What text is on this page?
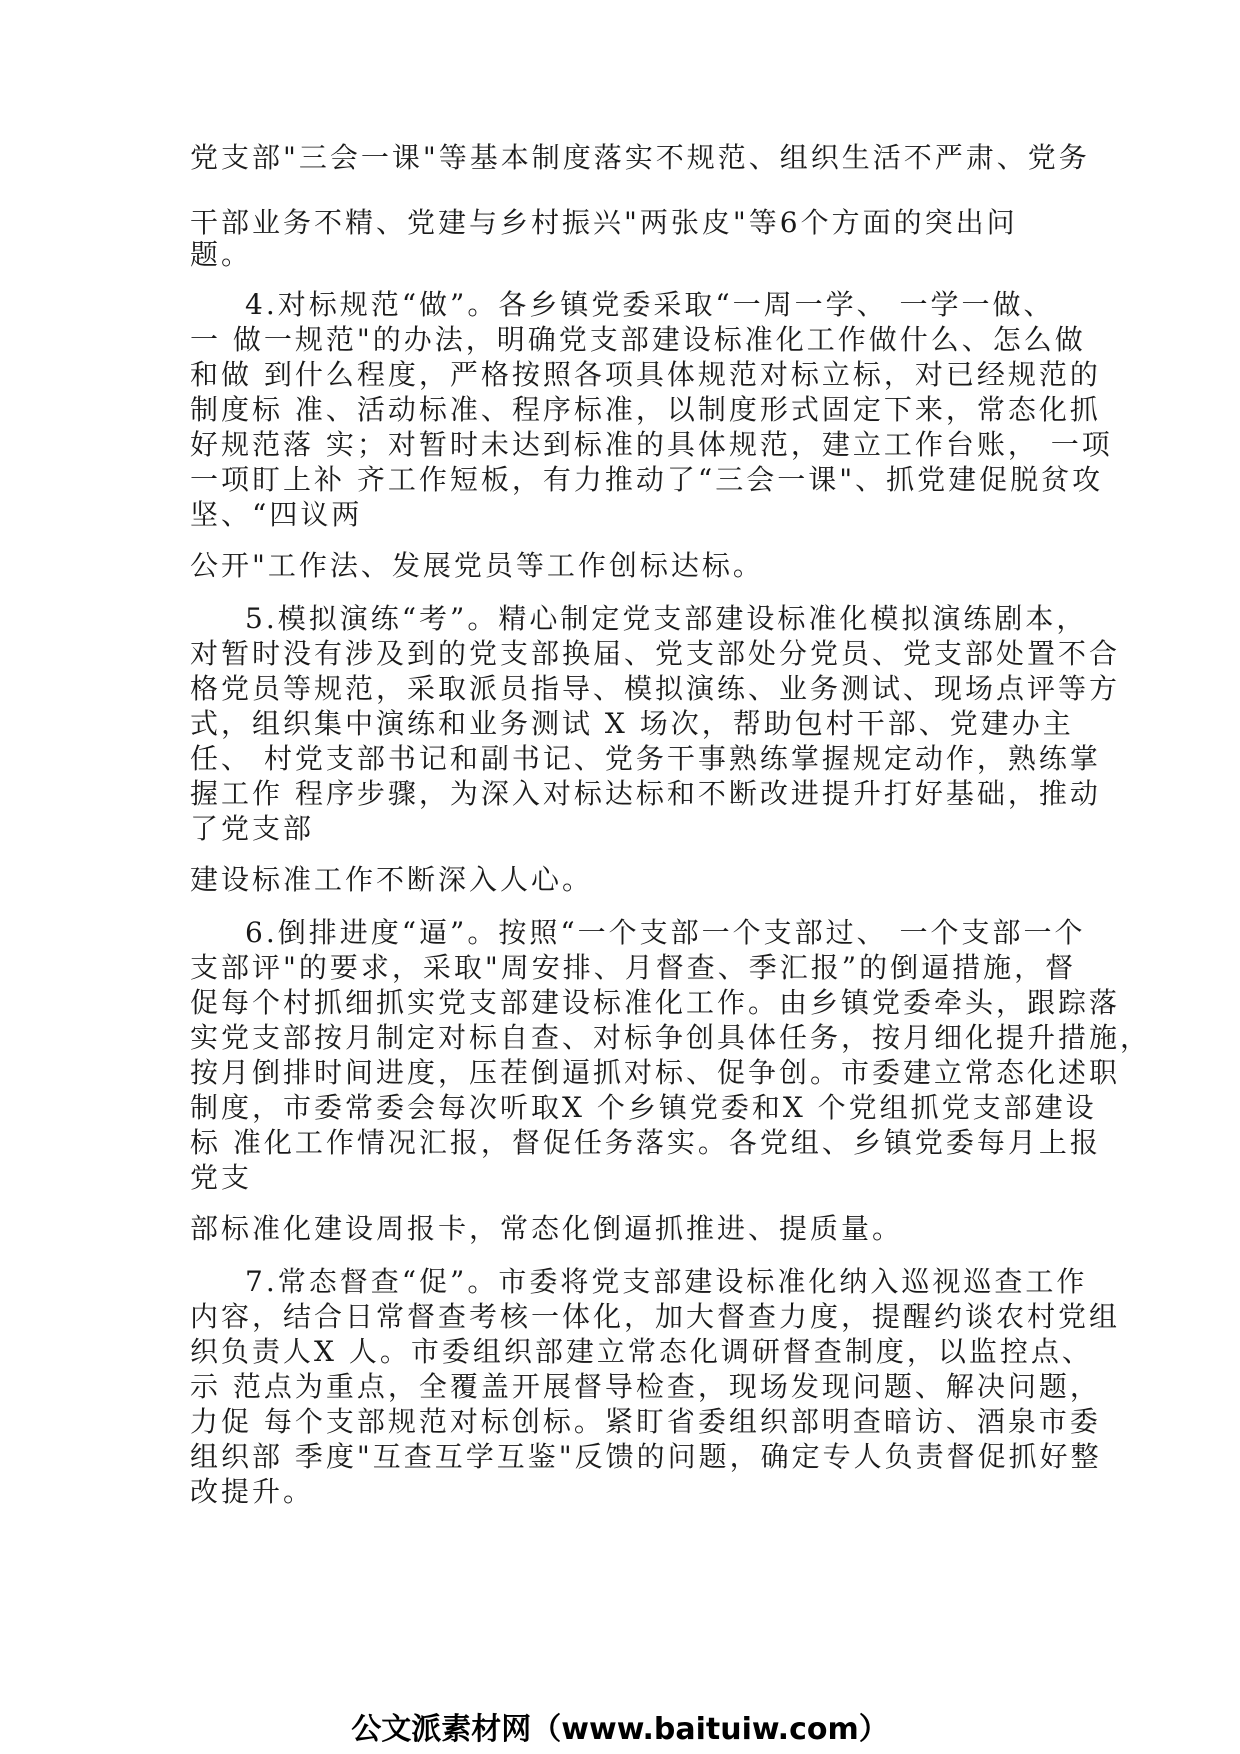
党支部"三会一课"等基本制度落实不规范、组织生活不严肃、党务

干部业务不精、党建与乡村振兴"两张皮"等6个方面的突出问

题。

4.对标规范“做”。各乡镇党委采取“一周一学、 一学一做、

一 做一规范"的办法，明确党支部建设标准化工作做什么、怎么做

和做 到什么程度，严格按照各项具体规范对标立标，对已经规范的

制度标 准、活动标准、程序标准，以制度形式固定下来，常态化抓

好规范落 实；对暂时未达到标准的具体规范，建立工作台账， 一项

一项盯上补 齐工作短板，有力推动了“三会一课"、抓党建促脱贫攻

坚、“四议两

公开"工作法、发展党员等工作创标达标。

5.模拟演练“考”。精心制定党支部建设标准化模拟演练剧本，

对暂时没有涉及到的党支部换届、党支部处分党员、党支部处置不合

格党员等规范，采取派员指导、模拟演练、业务测试、现场点评等方

式，组织集中演练和业务测试 X 场次，帮助包村干部、党建办主

任、 村党支部书记和副书记、党务干事熟练掌握规定动作，熟练掌

握工作 程序步骤，为深入对标达标和不断改进提升打好基础，推动

了党支部

建设标准工作不断深入人心。

6.倒排进度“逼”。按照“一个支部一个支部过、 一个支部一个

支部评"的要求，采取"周安排、月督查、季汇报”的倒逼措施，督

促每个村抓细抓实党支部建设标准化工作。由乡镇党委牵头，跟踪落

实党支部按月制定对标自查、对标争创具体任务，按月细化提升措施，

按月倒排时间进度，压茬倒逼抓对标、促争创。市委建立常态化述职

制度，市委常委会每次听取X 个乡镇党委和X 个党组抓党支部建设

标 准化工作情况汇报，督促任务落实。各党组、乡镇党委每月上报

党支

部标准化建设周报卡，常态化倒逼抓推进、提质量。

7.常态督查“促”。市委将党支部建设标准化纳入巡视巡查工作

内容，结合日常督查考核一体化，加大督查力度，提醒约谈农村党组

织负责人X 人。市委组织部建立常态化调研督查制度，以监控点、

示 范点为重点，全覆盖开展督导检查，现场发现问题、解决问题，

力促 每个支部规范对标创标。紧盯省委组织部明查暗访、酒泉市委

组织部 季度"互查互学互鉴"反馈的问题，确定专人负责督促抓好整

改提升。

公文派素材网（www.baituiw.com）
